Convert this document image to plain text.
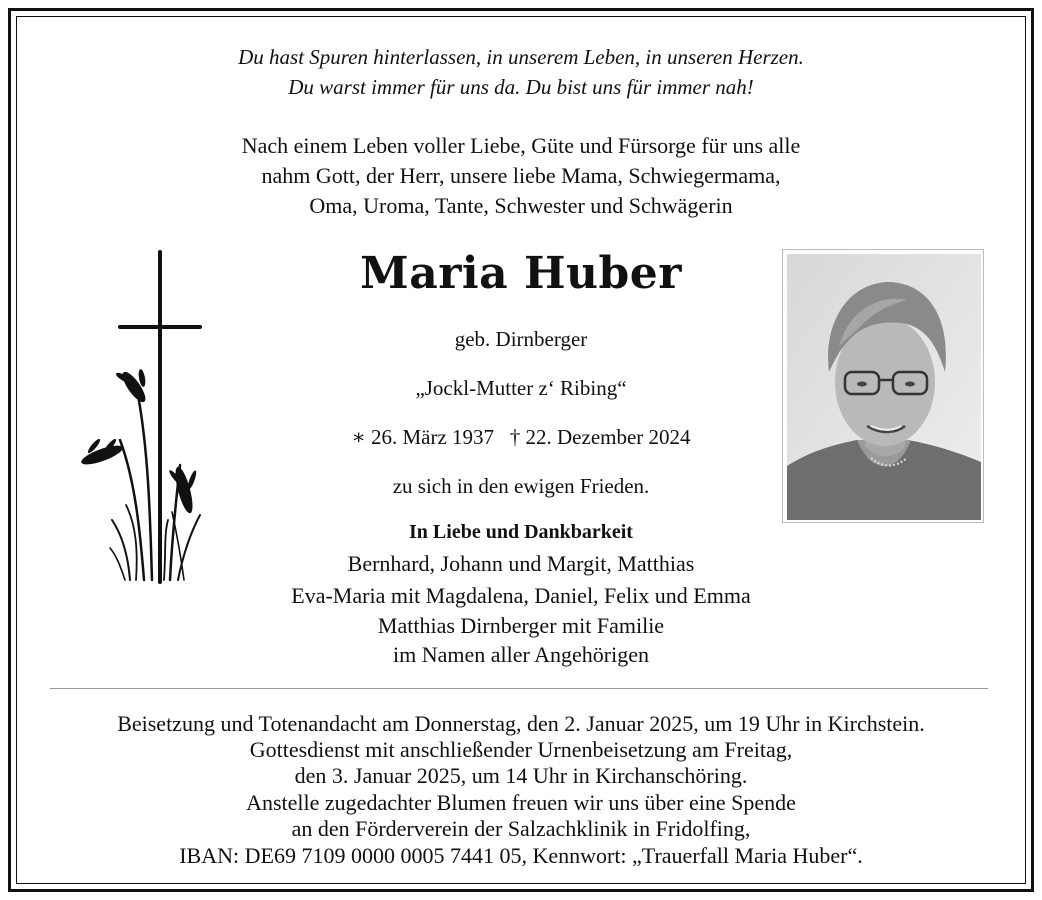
Du hast Spuren hinterlassen, in unserem Leben, in unseren Herzen.
Du warst immer für uns da. Du bist uns für immer nah!
Nach einem Leben voller Liebe, Güte und Fürsorge für uns alle
nahm Gott, der Herr, unsere liebe Mama, Schwiegermama,
Oma, Uroma, Tante, Schwester und Schwägerin
Maria Huber
geb. Dirnberger
„Jockl-Mutter z‘ Ribing“
∗ 26. März 1937   † 22. Dezember 2024
zu sich in den ewigen Frieden.
In Liebe und Dankbarkeit
Bernhard, Johann und Margit, Matthias
Eva-Maria mit Magdalena, Daniel, Felix und Emma
Matthias Dirnberger mit Familie
im Namen aller Angehörigen
Beisetzung und Totenandacht am Donnerstag, den 2. Januar 2025, um 19 Uhr in Kirchstein.
Gottesdienst mit anschließender Urnenbeisetzung am Freitag,
den 3. Januar 2025, um 14 Uhr in Kirchanschöring.
Anstelle zugedachter Blumen freuen wir uns über eine Spende
an den Förderverein der Salzachklinik in Fridolfing,
IBAN: DE69 7109 0000 0005 7441 05, Kennwort: „Trauerfall Maria Huber“.
